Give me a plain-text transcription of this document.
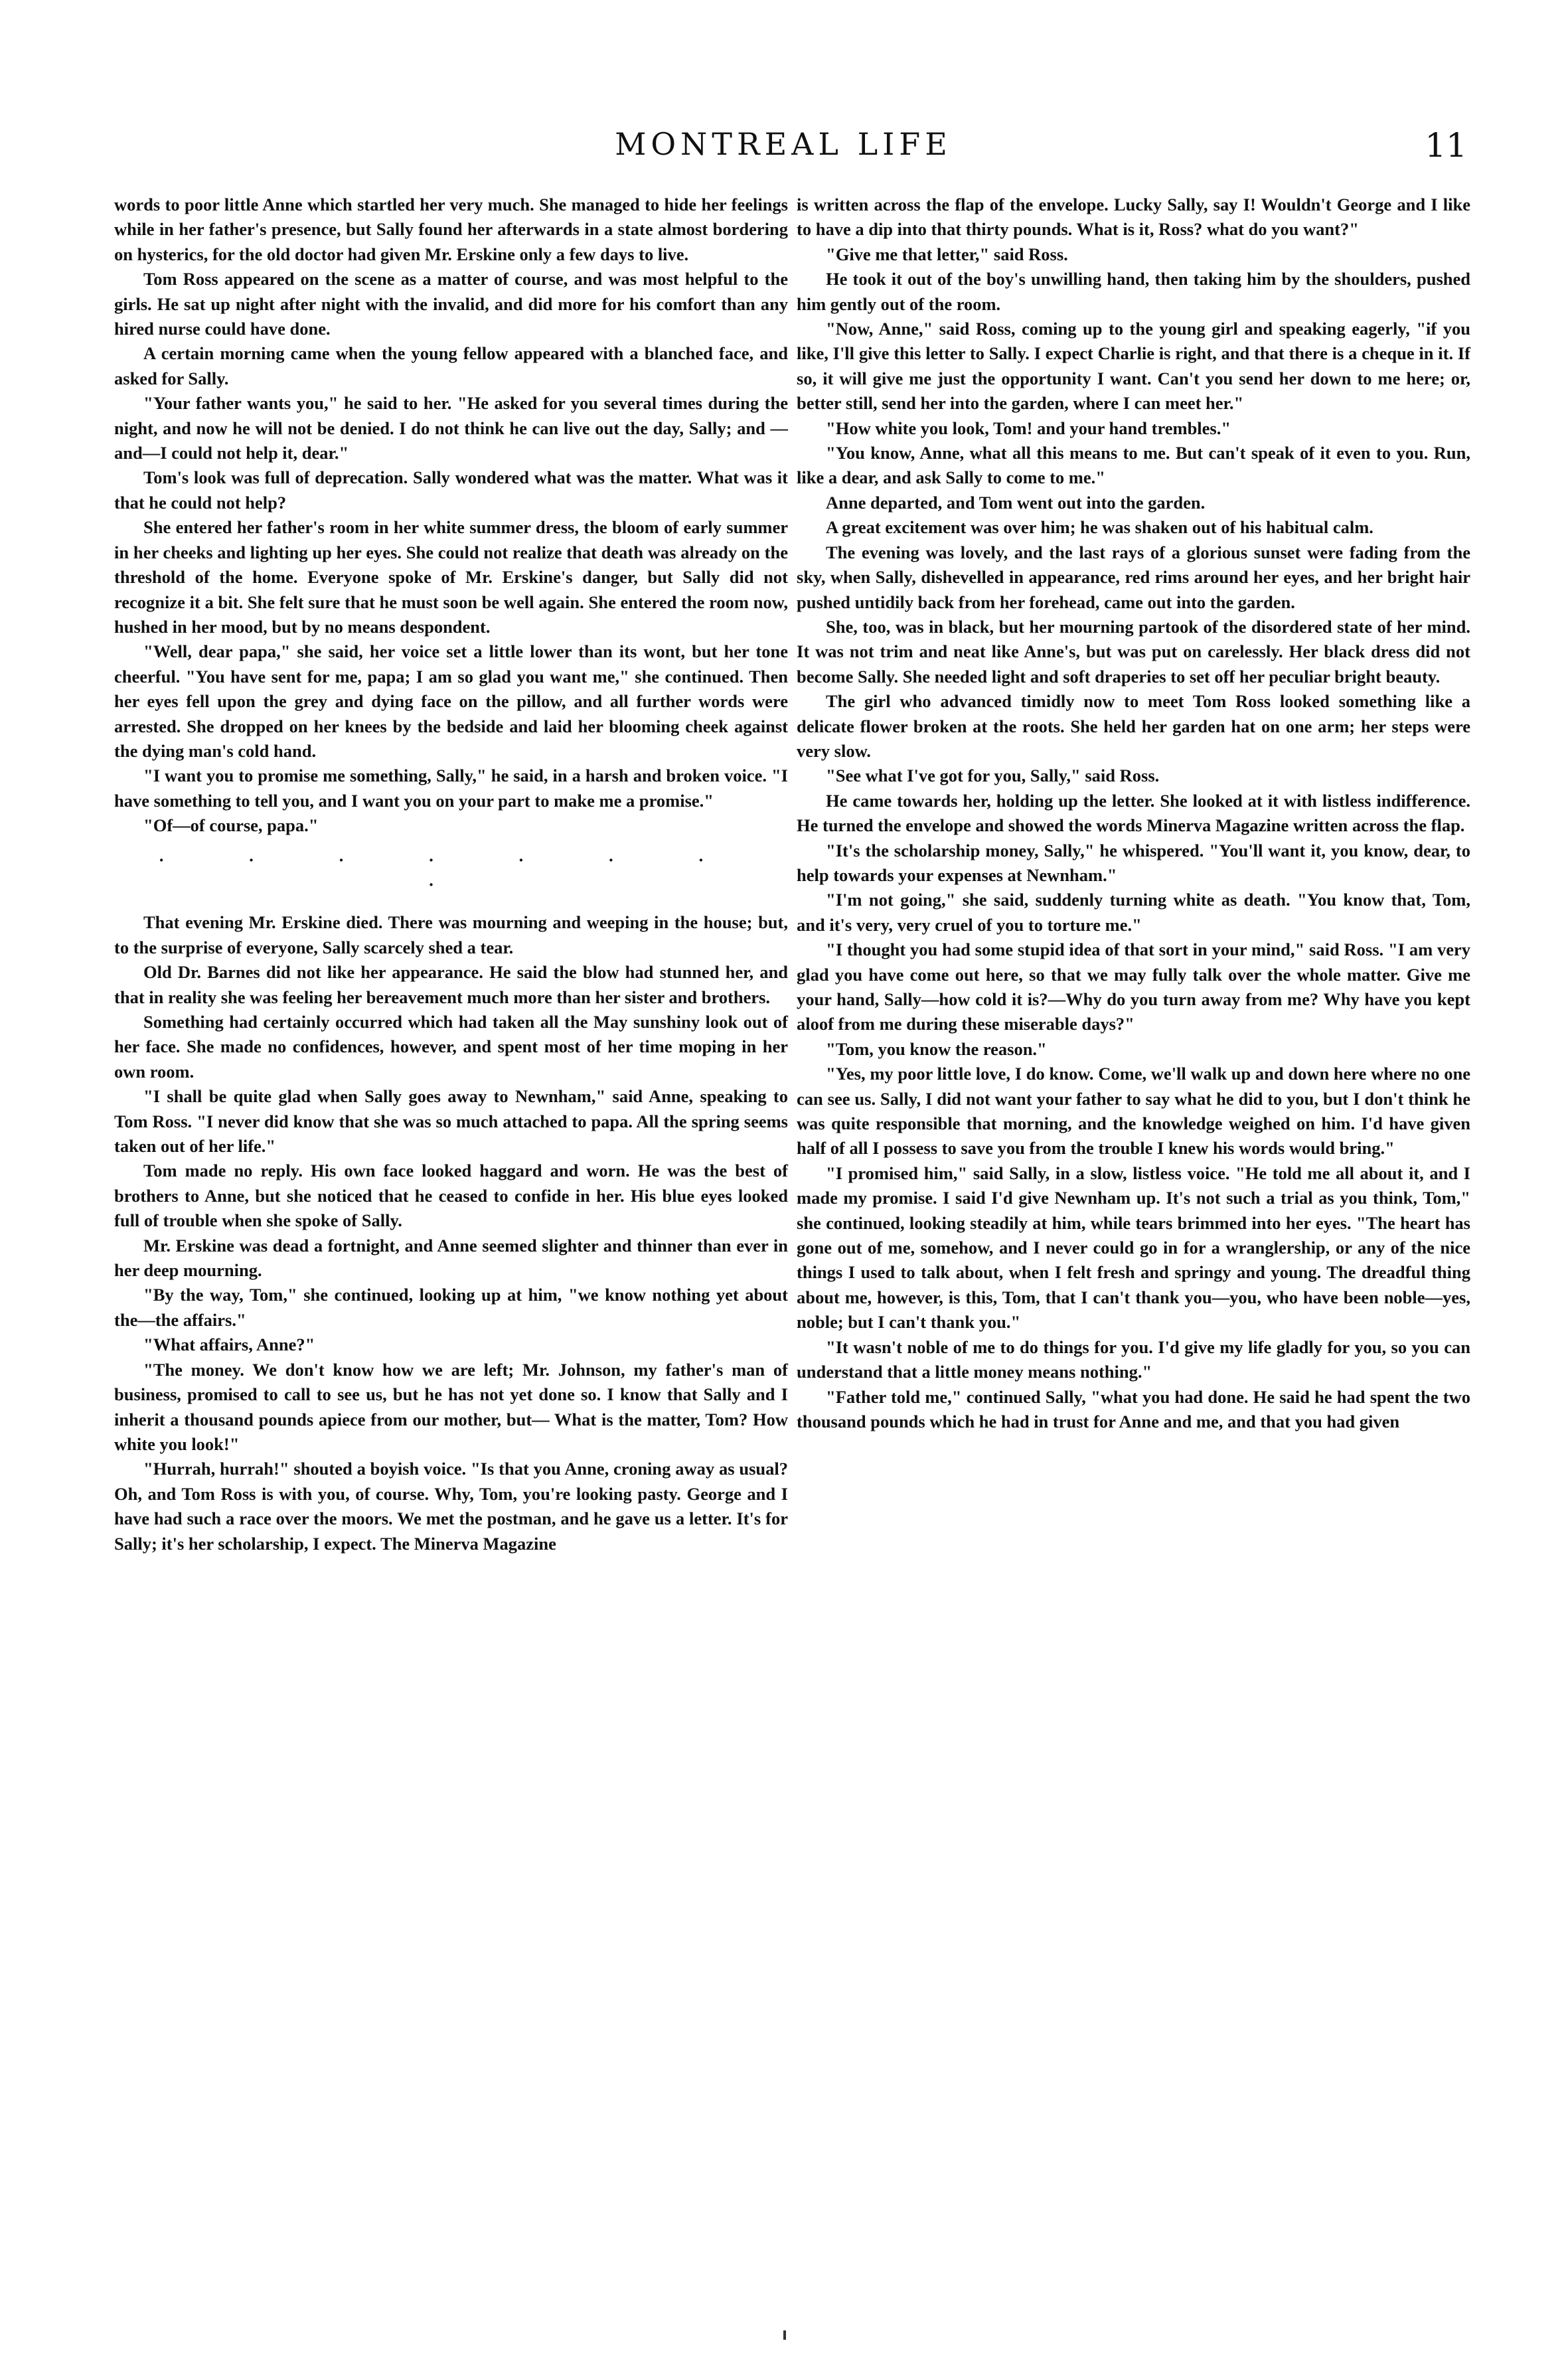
MONTREAL LIFE	11

words to poor little Anne which startled her very much. She managed to hide her feelings while in her father's presence, but Sally found her afterwards in a state almost bordering on hysterics, for the old doctor had given Mr. Erskine only a few days to live.

Tom Ross appeared on the scene as a matter of course, and was most helpful to the girls. He sat up night after night with the invalid, and did more for his comfort than any hired nurse could have done.

A certain morning came when the young fellow appeared with a blanched face, and asked for Sally.

"Your father wants you," he said to her. "He asked for you several times during the night, and now he will not be denied. I do not think he can live out the day, Sally; and — and—I could not help it, dear."

Tom's look was full of deprecation. Sally wondered what was the matter. What was it that he could not help?

She entered her father's room in her white summer dress, the bloom of early summer in her cheeks and lighting up her eyes. She could not realize that death was already on the threshold of the home. Everyone spoke of Mr. Erskine's danger, but Sally did not recognize it a bit. She felt sure that he must soon be well again. She entered the room now, hushed in her mood, but by no means despondent.

"Well, dear papa," she said, her voice set a little lower than its wont, but her tone cheerful. "You have sent for me, papa; I am so glad you want me," she continued. Then her eyes fell upon the grey and dying face on the pillow, and all further words were arrested. She dropped on her knees by the bedside and laid her blooming cheek against the dying man's cold hand.

"I want you to promise me something, Sally," he said, in a harsh and broken voice. "I have something to tell you, and I want you on your part to make me a promise."

"Of—of course, papa."

· · · · · · · ·

That evening Mr. Erskine died. There was mourning and weeping in the house; but, to the surprise of everyone, Sally scarcely shed a tear.

Old Dr. Barnes did not like her appearance. He said the blow had stunned her, and that in reality she was feeling her bereavement much more than her sister and brothers.

Something had certainly occurred which had taken all the May sunshiny look out of her face. She made no confidences, however, and spent most of her time moping in her own room.

"I shall be quite glad when Sally goes away to Newnham," said Anne, speaking to Tom Ross. "I never did know that she was so much attached to papa. All the spring seems taken out of her life."

Tom made no reply. His own face looked haggard and worn. He was the best of brothers to Anne, but she noticed that he ceased to confide in her. His blue eyes looked full of trouble when she spoke of Sally.

Mr. Erskine was dead a fortnight, and Anne seemed slighter and thinner than ever in her deep mourning.

"By the way, Tom," she continued, looking up at him, "we know nothing yet about the—the affairs."

"What affairs, Anne?"

"The money. We don't know how we are left; Mr. Johnson, my father's man of business, promised to call to see us, but he has not yet done so. I know that Sally and I inherit a thousand pounds apiece from our mother, but— What is the matter, Tom? How white you look!"

"Hurrah, hurrah!" shouted a boyish voice. "Is that you Anne, croning away as usual? Oh, and Tom Ross is with you, of course. Why, Tom, you're looking pasty. George and I have had such a race over the moors. We met the postman, and he gave us a letter. It's for Sally; it's her scholarship, I expect. The Minerva Magazine

is written across the flap of the envelope. Lucky Sally, say I! Wouldn't George and I like to have a dip into that thirty pounds. What is it, Ross? what do you want?"

"Give me that letter," said Ross.

He took it out of the boy's unwilling hand, then taking him by the shoulders, pushed him gently out of the room.

"Now, Anne," said Ross, coming up to the young girl and speaking eagerly, "if you like, I'll give this letter to Sally. I expect Charlie is right, and that there is a cheque in it. If so, it will give me just the opportunity I want. Can't you send her down to me here; or, better still, send her into the garden, where I can meet her."

"How white you look, Tom! and your hand trembles."

"You know, Anne, what all this means to me. But can't speak of it even to you. Run, like a dear, and ask Sally to come to me."

Anne departed, and Tom went out into the garden.

A great excitement was over him; he was shaken out of his habitual calm.

The evening was lovely, and the last rays of a glorious sunset were fading from the sky, when Sally, dishevelled in appearance, red rims around her eyes, and her bright hair pushed untidily back from her forehead, came out into the garden.

She, too, was in black, but her mourning partook of the disordered state of her mind. It was not trim and neat like Anne's, but was put on carelessly. Her black dress did not become Sally. She needed light and soft draperies to set off her peculiar bright beauty.

The girl who advanced timidly now to meet Tom Ross looked something like a delicate flower broken at the roots. She held her garden hat on one arm; her steps were very slow.

"See what I've got for you, Sally," said Ross.

He came towards her, holding up the letter. She looked at it with listless indifference. He turned the envelope and showed the words Minerva Magazine written across the flap.

"It's the scholarship money, Sally," he whispered. "You'll want it, you know, dear, to help towards your expenses at Newnham."

"I'm not going," she said, suddenly turning white as death. "You know that, Tom, and it's very, very cruel of you to torture me."

"I thought you had some stupid idea of that sort in your mind," said Ross. "I am very glad you have come out here, so that we may fully talk over the whole matter. Give me your hand, Sally—how cold it is?—Why do you turn away from me? Why have you kept aloof from me during these miserable days?"

"Tom, you know the reason."

"Yes, my poor little love, I do know. Come, we'll walk up and down here where no one can see us. Sally, I did not want your father to say what he did to you, but I don't think he was quite responsible that morning, and the knowledge weighed on him. I'd have given half of all I possess to save you from the trouble I knew his words would bring."

"I promised him," said Sally, in a slow, listless voice. "He told me all about it, and I made my promise. I said I'd give Newnham up. It's not such a trial as you think, Tom," she continued, looking steadily at him, while tears brimmed into her eyes. "The heart has gone out of me, somehow, and I never could go in for a wranglership, or any of the nice things I used to talk about, when I felt fresh and springy and young. The dreadful thing about me, however, is this, Tom, that I can't thank you—you, who have been noble—yes, noble; but I can't thank you."

"It wasn't noble of me to do things for you. I'd give my life gladly for you, so you can understand that a little money means nothing."

"Father told me," continued Sally, "what you had done. He said he had spent the two thousand pounds which he had in trust for Anne and me, and that you had given
